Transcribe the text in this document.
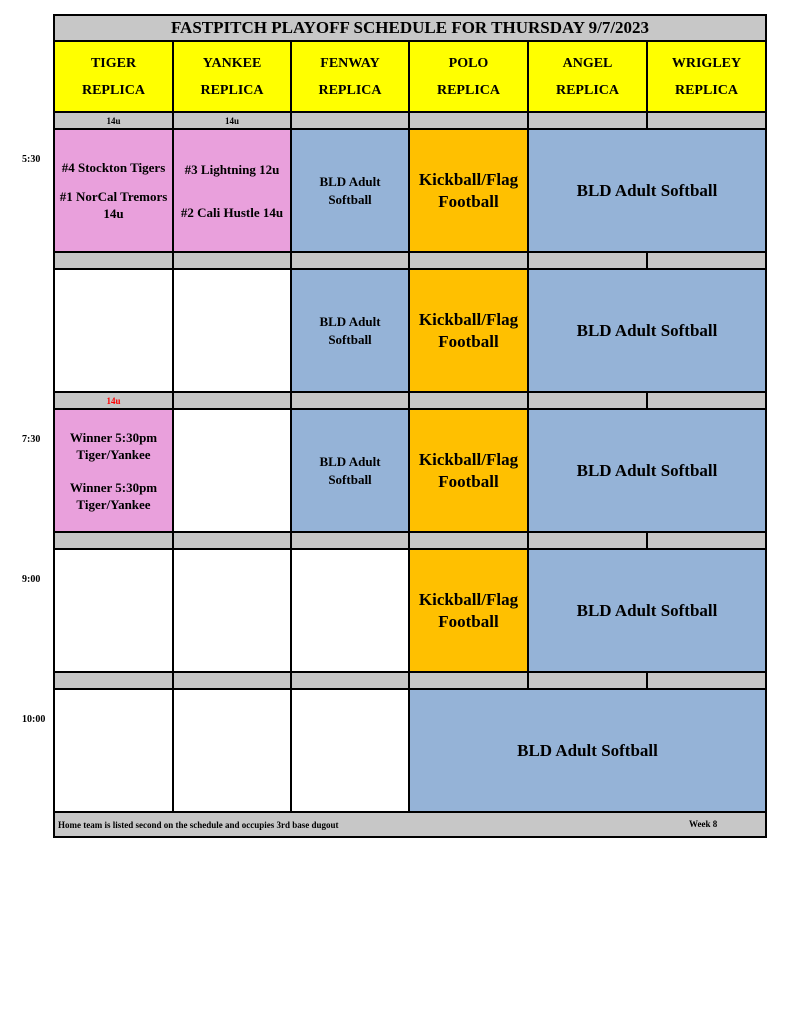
FASTPITCH PLAYOFF SCHEDULE FOR THURSDAY 9/7/2023
TIGER
REPLICA
YANKEE
REPLICA
FENWAY
REPLICA
POLO
REPLICA
ANGEL
REPLICA
WRIGLEY
REPLICA
14u	14u
14u
5:30
7:30
9:00
10:00
#4 Stockton Tigers
#1 NorCal Tremors 14u
#3 Lightning 12u
#2 Cali Hustle 14u
BLD Adult Softball
Kickball/Flag Football
BLD Adult Softball
BLD Adult Softball
Kickball/Flag Football
BLD Adult Softball
Winner 5:30pm Tiger/Yankee
Winner 5:30pm Tiger/Yankee
BLD Adult Softball
Kickball/Flag Football
BLD Adult Softball
Kickball/Flag Football
BLD Adult Softball
BLD Adult Softball
Home team is listed second on the schedule and occupies 3rd base dugout	Week 8
